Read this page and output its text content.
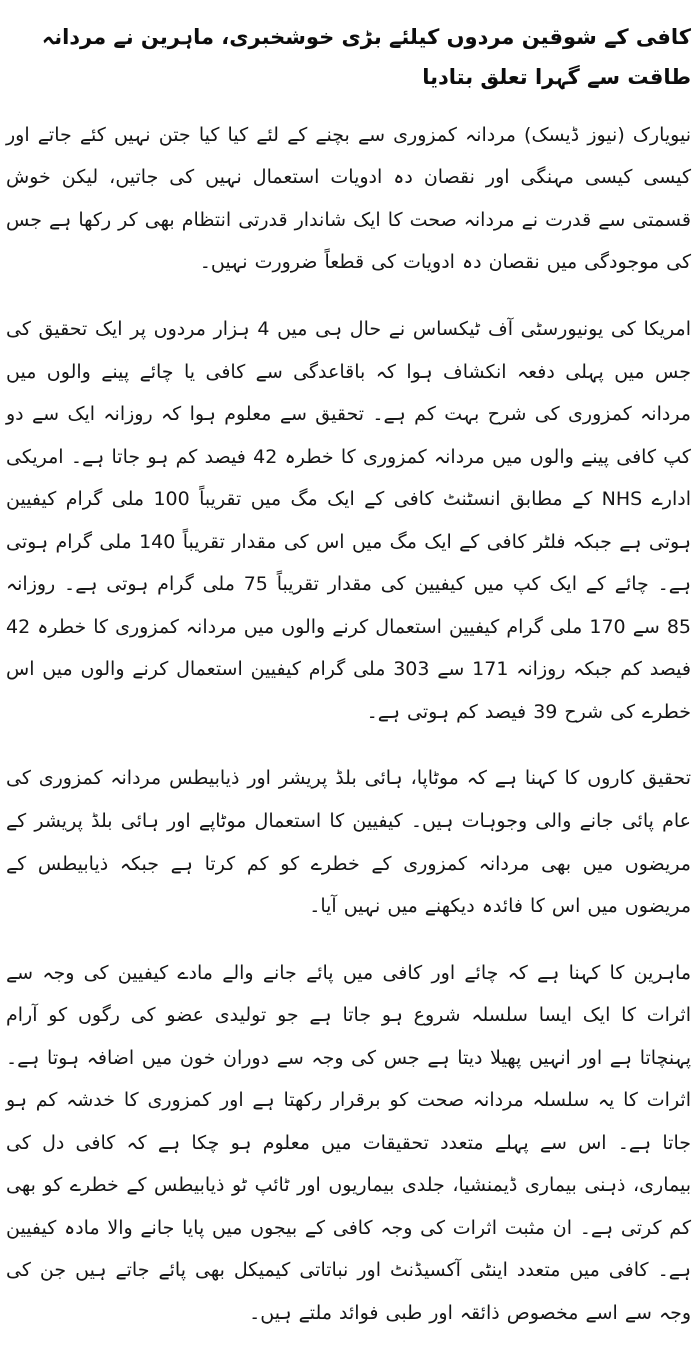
کافی کے شوقین مردوں کیلئے بڑی خوشخبری، ماہرین نے مردانہ طاقت سے گہرا تعلق بتادیا

نیویارک (نیوز ڈیسک) مردانہ کمزوری سے بچنے کے لئے کیا کیا جتن نہیں کئے جاتے اور کیسی کیسی مہنگی اور نقصان دہ ادویات استعمال نہیں کی جاتیں، لیکن خوش قسمتی سے قدرت نے مردانہ صحت کا ایک شاندار قدرتی انتظام بھی کر رکھا ہے جس کی موجودگی میں نقصان دہ ادویات کی قطعاً ضرورت نہیں۔

امریکا کی یونیورسٹی آف ٹیکساس نے حال ہی میں 4 ہزار مردوں پر ایک تحقیق کی جس میں پہلی دفعہ انکشاف ہوا کہ باقاعدگی سے کافی یا چائے پینے والوں میں مردانہ کمزوری کی شرح بہت کم ہے۔ تحقیق سے معلوم ہوا کہ روزانہ ایک سے دو کپ کافی پینے والوں میں مردانہ کمزوری کا خطرہ 42 فیصد کم ہو جاتا ہے۔ امریکی ادارے NHS کے مطابق انسٹنٹ کافی کے ایک مگ میں تقریباً 100 ملی گرام کیفیین ہوتی ہے جبکہ فلٹر کافی کے ایک مگ میں اس کی مقدار تقریباً 140 ملی گرام ہوتی ہے۔ چائے کے ایک کپ میں کیفیین کی مقدار تقریباً 75 ملی گرام ہوتی ہے۔ روزانہ 85 سے 170 ملی گرام کیفیین استعمال کرنے والوں میں مردانہ کمزوری کا خطرہ 42 فیصد کم جبکہ روزانہ 171 سے 303 ملی گرام کیفیین استعمال کرنے والوں میں اس خطرے کی شرح 39 فیصد کم ہوتی ہے۔

تحقیق کاروں کا کہنا ہے کہ موٹاپا، ہائی بلڈ پریشر اور ذیابیطس مردانہ کمزوری کی عام پائی جانے والی وجوہات ہیں۔ کیفیین کا استعمال موٹاپے اور ہائی بلڈ پریشر کے مریضوں میں بھی مردانہ کمزوری کے خطرے کو کم کرتا ہے جبکہ ذیابیطس کے مریضوں میں اس کا فائدہ دیکھنے میں نہیں آیا۔

ماہرین کا کہنا ہے کہ چائے اور کافی میں پائے جانے والے مادے کیفیین کی وجہ سے اثرات کا ایک ایسا سلسلہ شروع ہو جاتا ہے جو تولیدی عضو کی رگوں کو آرام پہنچاتا ہے اور انہیں پھیلا دیتا ہے جس کی وجہ سے دوران خون میں اضافہ ہوتا ہے۔ اثرات کا یہ سلسلہ مردانہ صحت کو برقرار رکھتا ہے اور کمزوری کا خدشہ کم ہو جاتا ہے۔ اس سے پہلے متعدد تحقیقات میں معلوم ہو چکا ہے کہ کافی دل کی بیماری، ذہنی بیماری ڈیمنشیا، جلدی بیماریوں اور ٹائپ ٹو ذیابیطس کے خطرے کو بھی کم کرتی ہے۔ ان مثبت اثرات کی وجہ کافی کے بیجوں میں پایا جانے والا مادہ کیفیین ہے۔ کافی میں متعدد اینٹی آکسیڈنٹ اور نباتاتی کیمیکل بھی پائے جاتے ہیں جن کی وجہ سے اسے مخصوص ذائقہ اور طبی فوائد ملتے ہیں۔
